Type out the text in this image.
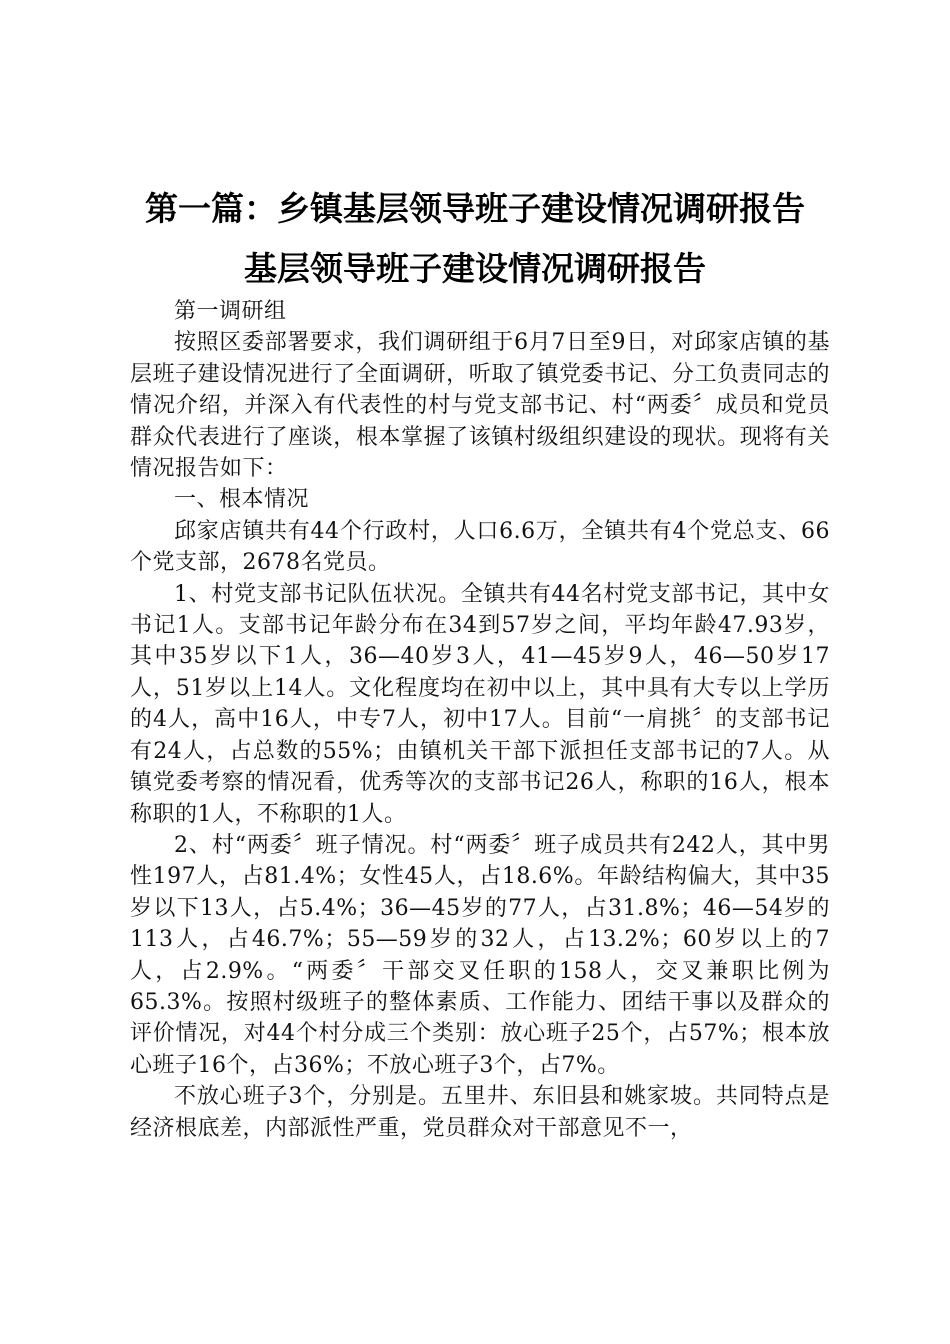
第一篇：乡镇基层领导班子建设情况调研报告
基层领导班子建设情况调研报告

第一调研组

按照区委部署要求，我们调研组于6月7日至9日，对邱家店镇的基层班子建设情况进行了全面调研，听取了镇党委书记、分工负责同志的情况介绍，并深入有代表性的村与党支部书记、村“两委〞成员和党员群众代表进行了座谈，根本掌握了该镇村级组织建设的现状。现将有关情况报告如下：

一、根本情况

邱家店镇共有44个行政村，人口6.6万，全镇共有4个党总支、66个党支部，2678名党员。

1、村党支部书记队伍状况。全镇共有44名村党支部书记，其中女书记1人。支部书记年龄分布在34到57岁之间，平均年龄47.93岁，其中35岁以下1人，36—40岁3人，41—45岁9人，46—50岁17人，51岁以上14人。文化程度均在初中以上，其中具有大专以上学历的4人，高中16人，中专7人，初中17人。目前“一肩挑〞的支部书记有24人，占总数的55%；由镇机关干部下派担任支部书记的7人。从镇党委考察的情况看，优秀等次的支部书记26人，称职的16人，根本称职的1人，不称职的1人。

2、村“两委〞班子情况。村“两委〞班子成员共有242人，其中男性197人，占81.4%；女性45人，占18.6%。年龄结构偏大，其中35岁以下13人，占5.4%；36—45岁的77人，占31.8%；46—54岁的113人，占46.7%；55—59岁的32人，占13.2%；60岁以上的7人，占2.9%。“两委〞干部交叉任职的158人，交叉兼职比例为65.3%。按照村级班子的整体素质、工作能力、团结干事以及群众的评价情况，对44个村分成三个类别：放心班子25个，占57%；根本放心班子16个，占36%；不放心班子3个，占7%。

不放心班子3个，分别是。五里井、东旧县和姚家坡。共同特点是经济根底差，内部派性严重，党员群众对干部意见不一，
